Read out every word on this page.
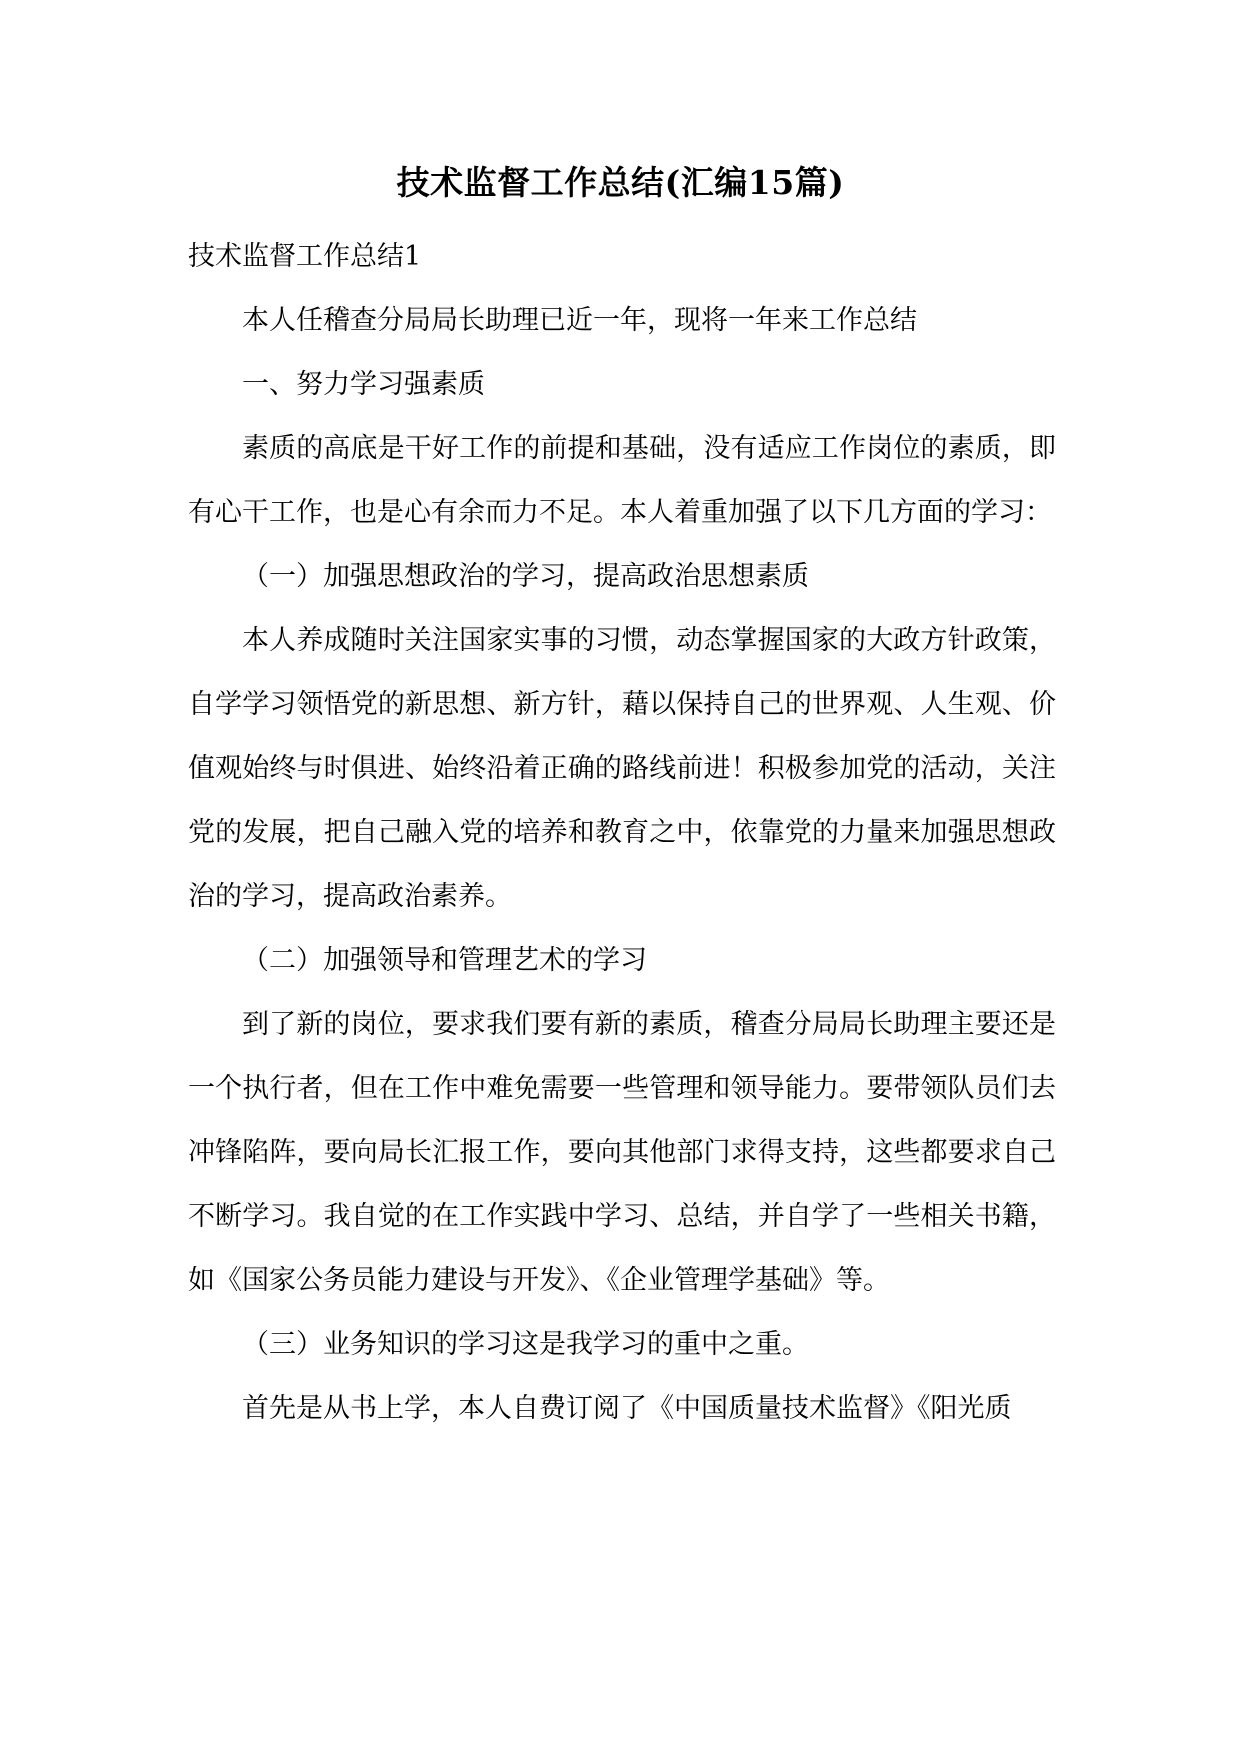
技术监督工作总结(汇编15篇)

技术监督工作总结1

本人任稽查分局局长助理已近一年，现将一年来工作总结

一、努力学习强素质

素质的高底是干好工作的前提和基础，没有适应工作岗位的素质，即有心干工作，也是心有余而力不足。本人着重加强了以下几方面的学习：

（一）加强思想政治的学习，提高政治思想素质

本人养成随时关注国家实事的习惯，动态掌握国家的大政方针政策，自学学习领悟党的新思想、新方针，藉以保持自己的世界观、人生观、价值观始终与时俱进、始终沿着正确的路线前进！积极参加党的活动，关注党的发展，把自己融入党的培养和教育之中，依靠党的力量来加强思想政治的学习，提高政治素养。

（二）加强领导和管理艺术的学习

到了新的岗位，要求我们要有新的素质，稽查分局局长助理主要还是一个执行者，但在工作中难免需要一些管理和领导能力。要带领队员们去冲锋陷阵，要向局长汇报工作，要向其他部门求得支持，这些都要求自己不断学习。我自觉的在工作实践中学习、总结，并自学了一些相关书籍，如《国家公务员能力建设与开发》、《企业管理学基础》等。

（三）业务知识的学习这是我学习的重中之重。

首先是从书上学，本人自费订阅了《中国质量技术监督》《阳光质
